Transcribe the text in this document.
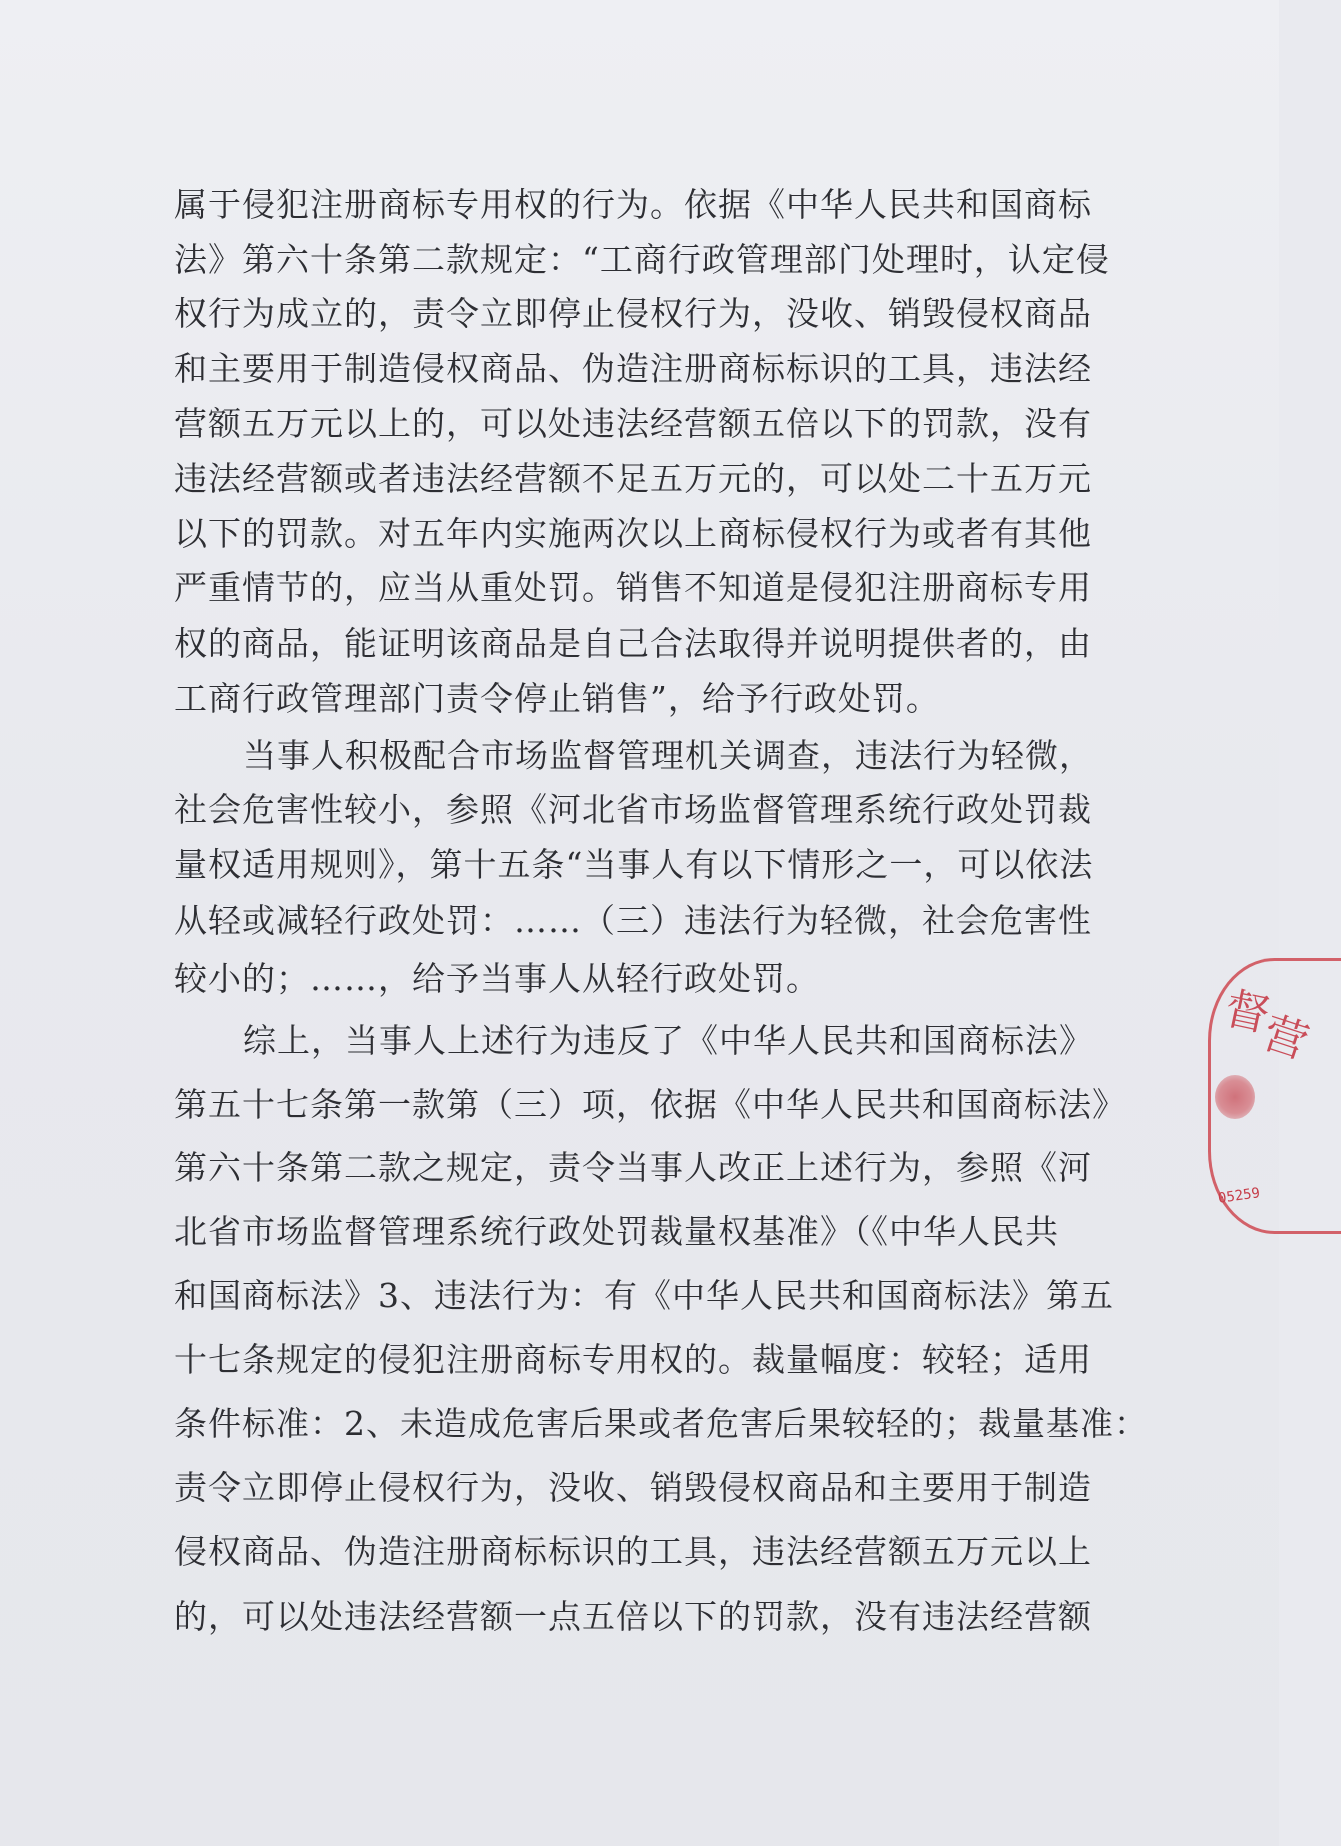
属于侵犯注册商标专用权的行为。依据《中华人民共和国商标
法》第六十条第二款规定：“工商行政管理部门处理时，认定侵
权行为成立的，责令立即停止侵权行为，没收、销毁侵权商品
和主要用于制造侵权商品、伪造注册商标标识的工具，违法经
营额五万元以上的，可以处违法经营额五倍以下的罚款，没有
违法经营额或者违法经营额不足五万元的，可以处二十五万元
以下的罚款。对五年内实施两次以上商标侵权行为或者有其他
严重情节的，应当从重处罚。销售不知道是侵犯注册商标专用
权的商品，能证明该商品是自己合法取得并说明提供者的，由
工商行政管理部门责令停止销售”，给予行政处罚。
当事人积极配合市场监督管理机关调查，违法行为轻微，
社会危害性较小，参照《河北省市场监督管理系统行政处罚裁
量权适用规则》，第十五条“当事人有以下情形之一，可以依法
从轻或减轻行政处罚：……（三）违法行为轻微，社会危害性
较小的；……，给予当事人从轻行政处罚。
综上，当事人上述行为违反了《中华人民共和国商标法》
第五十七条第一款第（三）项，依据《中华人民共和国商标法》
第六十条第二款之规定，责令当事人改正上述行为，参照《河
北省市场监督管理系统行政处罚裁量权基准》（《中华人民共
和国商标法》3、违法行为：有《中华人民共和国商标法》第五
十七条规定的侵犯注册商标专用权的。裁量幅度：较轻；适用
条件标准：2、未造成危害后果或者危害后果较轻的；裁量基准：
责令立即停止侵权行为，没收、销毁侵权商品和主要用于制造
侵权商品、伪造注册商标标识的工具，违法经营额五万元以上
的，可以处违法经营额一点五倍以下的罚款，没有违法经营额
督
营
05259
